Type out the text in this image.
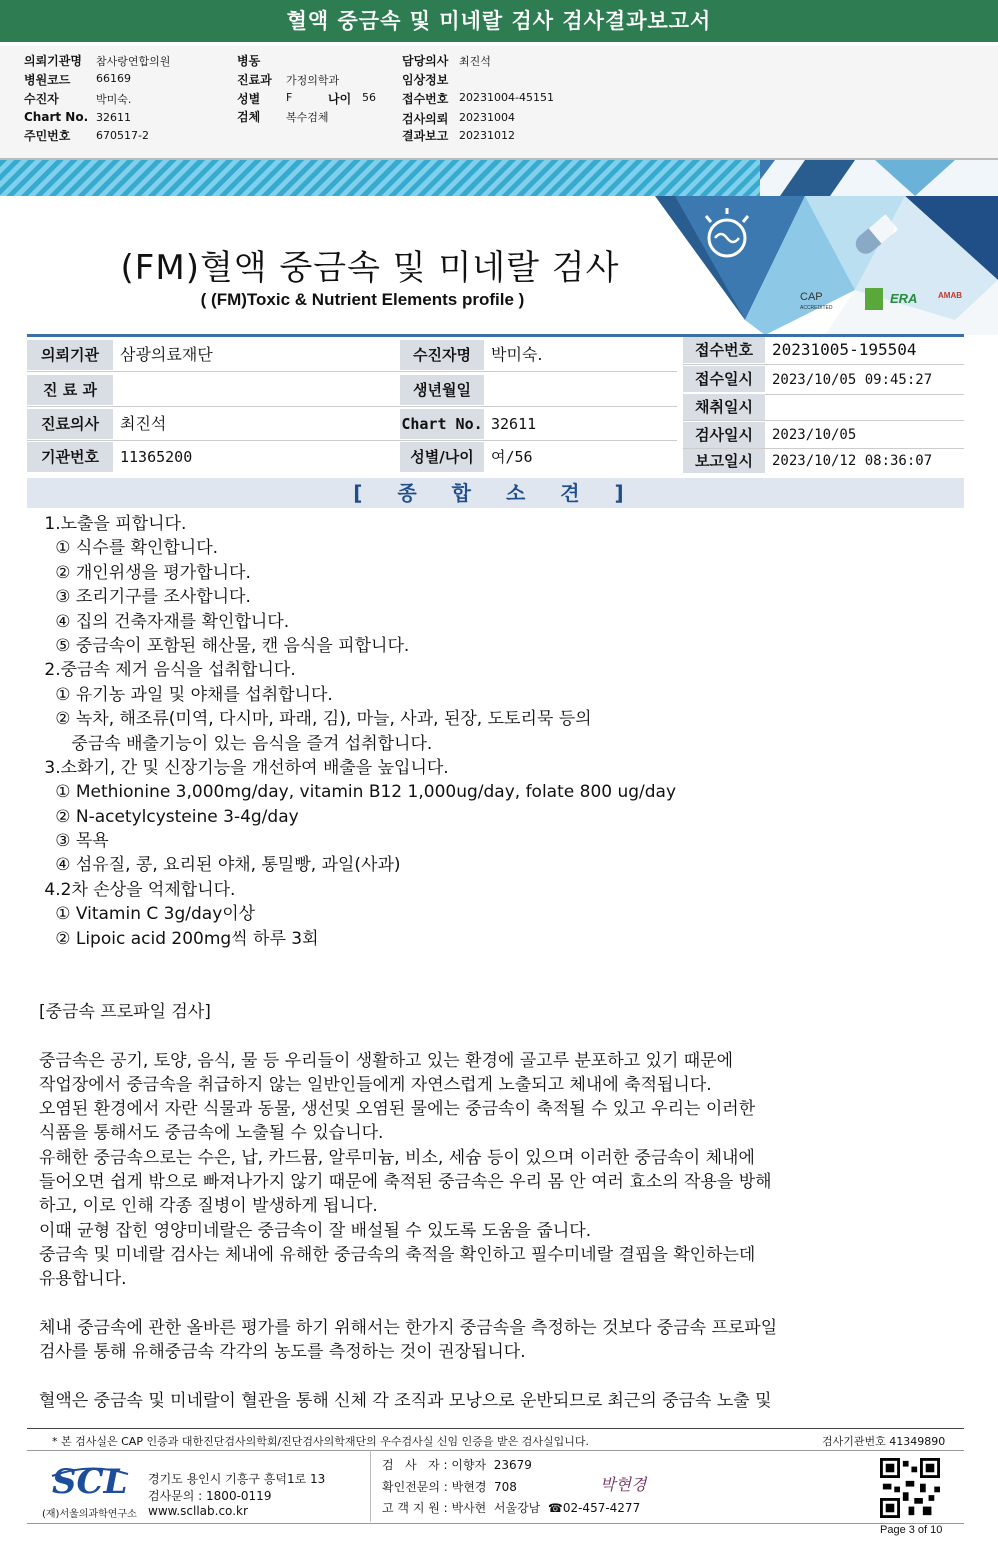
혈액 중금속 및 미네랄 검사 검사결과보고서
의뢰기관명 참사랑연합의원
병원코드 66169
수진자	박미숙.
Chart No. 32611
주민번호 670517-2
병동
진료과 가정의학과
성별 F	나이 56
검체 복수검체
담당의사 최진석
임상정보
접수번호 20231004-45151
검사의뢰 20231004
결과보고 20231012
CAP
ACCREDITED
ERA	AMAB
(FM)혈액 중금속 및 미네랄 검사
( (FM)Toxic & Nutrient Elements profile )
의뢰기관	삼광의료재단	수진자명	박미숙.
진 료 과	생년월일
진료의사	최진석	Chart No. 32611
기관번호	11365200	성별/나이	여/56
접수번호	20231005-195504
접수일시	2023/10/05 09:45:27
채취일시
검사일시	2023/10/05
보고일시	2023/10/12 08:36:07
[ 종 합 소 견 ]
1.노출을 피합니다.
① 식수를 확인합니다.
② 개인위생을 평가합니다.
③ 조리기구를 조사합니다.
④ 집의 건축자재를 확인합니다.
⑤ 중금속이 포함된 해산물, 캔 음식을 피합니다.
2.중금속 제거 음식을 섭취합니다.
① 유기농 과일 및 야채를 섭취합니다.
② 녹차, 해조류(미역, 다시마, 파래, 김), 마늘, 사과, 된장, 도토리묵 등의
중금속 배출기능이 있는 음식을 즐겨 섭취합니다.
3.소화기, 간 및 신장기능을 개선하여 배출을 높입니다.
① Methionine 3,000mg/day, vitamin B12 1,000ug/day, folate 800 ug/day
② N-acetylcysteine 3-4g/day
③ 목욕
④ 섬유질, 콩, 요리된 야채, 통밀빵, 과일(사과)
4.2차 손상을 억제합니다.
① Vitamin C 3g/day이상
② Lipoic acid 200mg씩 하루 3회
[중금속 프로파일 검사]
중금속은 공기, 토양, 음식, 물 등 우리들이 생활하고 있는 환경에 골고루 분포하고 있기 때문에
작업장에서 중금속을 취급하지 않는 일반인들에게 자연스럽게 노출되고 체내에 축적됩니다.
오염된 환경에서 자란 식물과 동물, 생선및 오염된 물에는 중금속이 축적될 수 있고 우리는 이러한
식품을 통해서도 중금속에 노출될 수 있습니다.
유해한 중금속으로는 수은, 납, 카드뮴, 알루미늄, 비소, 세슘 등이 있으며 이러한 중금속이 체내에
들어오면 쉽게 밖으로 빠져나가지 않기 때문에 축적된 중금속은 우리 몸 안 여러 효소의 작용을 방해
하고, 이로 인해 각종 질병이 발생하게 됩니다.
이때 균형 잡힌 영양미네랄은 중금속이 잘 배설될 수 있도록 도움을 줍니다.
중금속 및 미네랄 검사는 체내에 유해한 중금속의 축적을 확인하고 필수미네랄 결핍을 확인하는데
유용합니다.
체내 중금속에 관한 올바른 평가를 하기 위해서는 한가지 중금속을 측정하는 것보다 중금속 프로파일
검사를 통해 유해중금속 각각의 농도를 측정하는 것이 권장됩니다.
혈액은 중금속 및 미네랄이 혈관을 통해 신체 각 조직과 모낭으로 운반되므로 최근의 중금속 노출 및
* 본 검사실은 CAP 인증과 대한진단검사의학회/진단검사의학재단의 우수검사실 신임 인증을 받은 검사실입니다.	검사기관번호 41349890
SCL
(재)서울의과학연구소
경기도 용인시 기흥구 흥덕1로 13
검사문의 : 1800-0119
www.scllab.co.kr
검   사   자 : 이향자  23679
확인전문의 : 박현경  708
고 객 지 원 : 박사현  서울강남  ☎02-457-4277
박현경
Page 3 of 10
